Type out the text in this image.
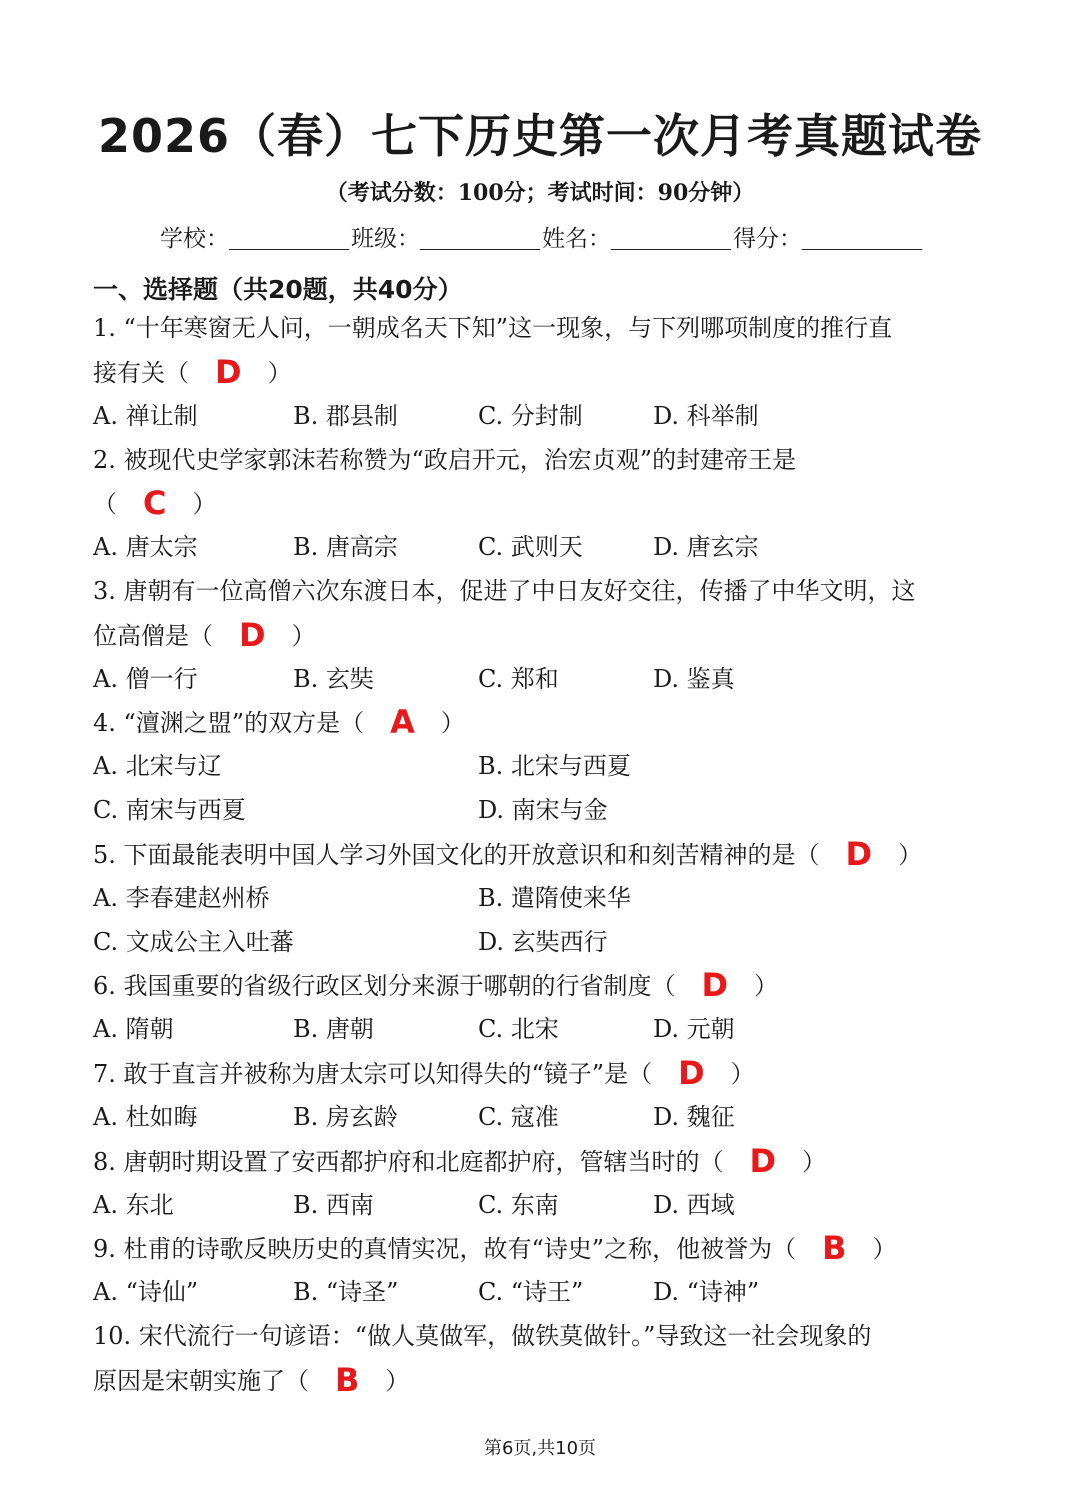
2026（春）七下历史第一次月考真题试卷
（考试分数：100分；考试时间：90分钟）
学校：	班级：	姓名：	得分：
一、选择题（共20题，共40分）
1. “十年寒窗无人问，一朝成名天下知”这一现象，与下列哪项制度的推行直
接有关（ D ）
A. 禅让制	B. 郡县制	C. 分封制	D. 科举制
2. 被现代史学家郭沫若称赞为“政启开元，治宏贞观”的封建帝王是
（ C ）
A. 唐太宗	B. 唐高宗	C. 武则天	D. 唐玄宗
3. 唐朝有一位高僧六次东渡日本，促进了中日友好交往，传播了中华文明，这
位高僧是（ D ）
A. 僧一行	B. 玄奘	C. 郑和	D. 鉴真
4. “澶渊之盟”的双方是（ A ）
A. 北宋与辽	B. 北宋与西夏
C. 南宋与西夏	D. 南宋与金
5. 下面最能表明中国人学习外国文化的开放意识和和刻苦精神的是（ D ）
A. 李春建赵州桥	B. 遣隋使来华
C. 文成公主入吐蕃	D. 玄奘西行
6. 我国重要的省级行政区划分来源于哪朝的行省制度（ D ）
A. 隋朝	B. 唐朝	C. 北宋	D. 元朝
7. 敢于直言并被称为唐太宗可以知得失的“镜子”是（ D ）
A. 杜如晦	B. 房玄龄	C. 寇准	D. 魏征
8. 唐朝时期设置了安西都护府和北庭都护府，管辖当时的（ D ）
A. 东北	B. 西南	C. 东南	D. 西域
9. 杜甫的诗歌反映历史的真情实况，故有“诗史”之称，他被誉为（ B ）
A. “诗仙”	B. “诗圣”	C. “诗王”	D. “诗神”
10. 宋代流行一句谚语：“做人莫做军，做铁莫做针。”导致这一社会现象的
原因是宋朝实施了（ B ）
第6页,共10页
